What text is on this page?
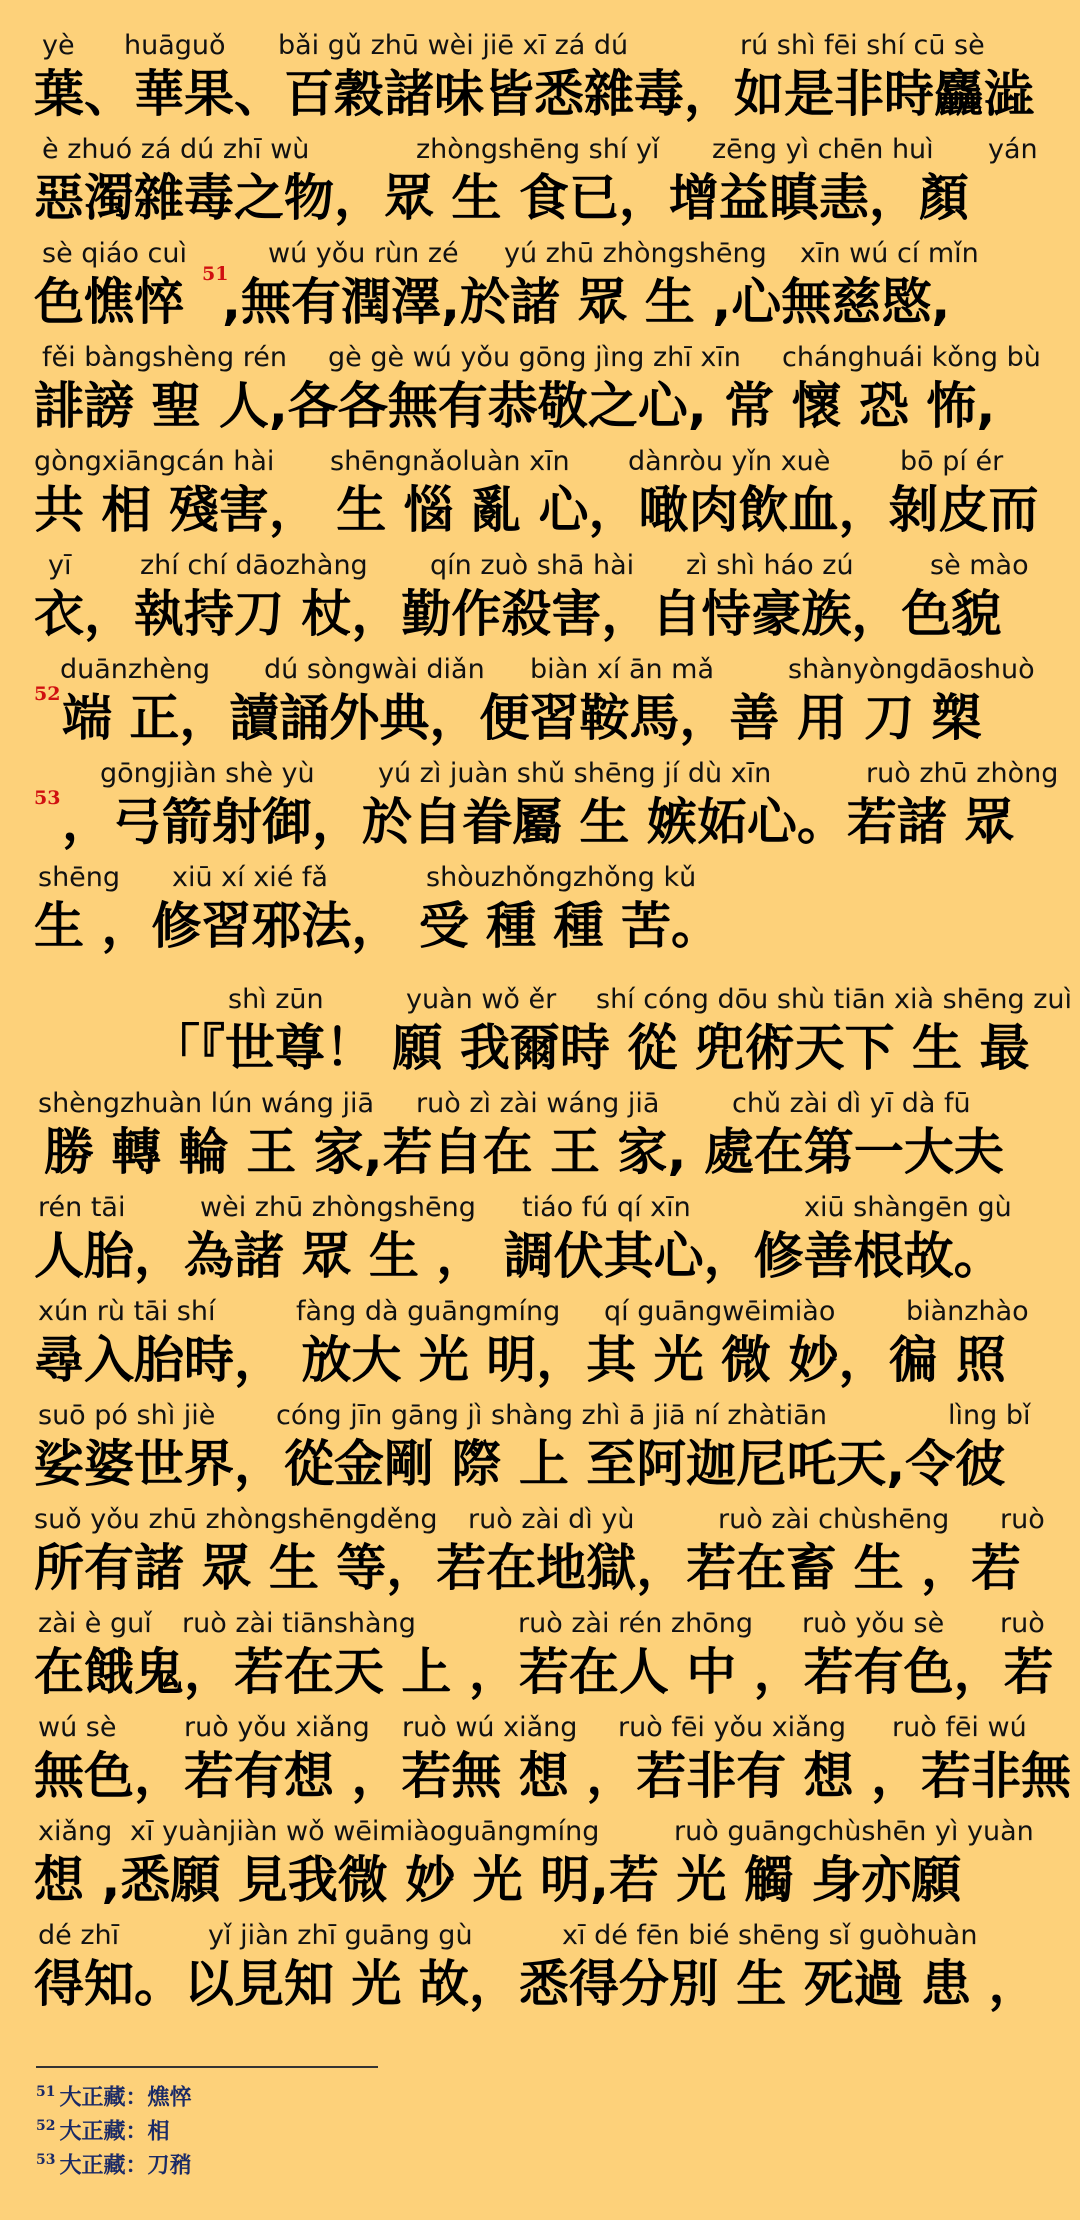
yè

huāguǒ

bǎi gǔ zhū wèi jiē xī zá dú

	rú shì fēi shí cū sè

葉、華果、百穀諸味皆悉雜毒，如是非時麤澁

è zhuó zá dú zhī wù

	zhòngshēng shí yǐ

zēng yì chēn huì

yán

惡濁雜毒之物，眾 生 食已，增益瞋恚，顏

sè qiáo cuì

	wú yǒu rùn zé

yú zhū zhòngshēng

xīn wú cí mǐn

色憔悴 51
,無有潤澤,於諸 眾 生 ,心無慈愍,

fěi bàngshèng rén

gè gè wú yǒu gōng jìng zhī xīn

chánghuái kǒng bù

誹謗 聖 人,各各無有恭敬之心, 常 懷 恐 怖,

gòngxiāngcán hài

shēngnǎoluàn xīn

dànròu yǐn xuè

	bō pí ér

共 相 殘害， 生 惱 亂 心，噉肉飲血，剝皮而

yī

	zhí chí dāozhàng

qín zuò shā hài

zì shì háo zú

	sè mào

衣，執持刀 杖，勤作殺害，自恃豪族，色貌

duānzhèng

dú sòngwài diǎn

biàn xí ān mǎ

	shànyòngdāoshuò

52 端 正，讀誦外典，便習鞍馬，善 用 刀 槊

gōngjiàn shè yù

yú zì juàn shǔ shēng jí dù xīn

	ruò zhū zhòng

53 ，弓箭射御，於自眷屬 生 嫉妬心。若諸 眾

shēng

xiū xí xié fǎ

	shòuzhǒngzhǒng kǔ

生 ，修習邪法， 受 種 種 苦。

shì zūn

	yuàn wǒ ěr

shí cóng dōu shù tiān xià shēng zuì

「『世尊！ 願 我爾時 從 兜術天下 生 最

shèngzhuàn lún wáng jiā

ruò zì zài wáng jiā

	chǔ zài dì yī dà fū

勝 轉 輪 王 家,若自在 王 家, 處在第一大夫

rén tāi

	wèi zhū zhòngshēng

tiáo fú qí xīn

	xiū shàngēn gù

人胎，為諸 眾 生 ， 調伏其心，修善根故。

xún rù tāi shí

	fàng dà guāngmíng

qí guāngwēimiào

	biànzhào

尋入胎時， 放大 光 明，其 光 微 妙，徧 照

suō pó shì jiè

cóng jīn gāng jì shàng zhì ā jiā ní zhàtiān

	lìng bǐ

娑婆世界，從金剛 際 上 至阿迦尼吒天,令彼

suǒ yǒu zhū zhòngshēngděng

ruò zài dì yù

	ruò zài chùshēng

ruò

所有諸 眾 生 等，若在地獄，若在畜 生 ，若

zài è guǐ

ruò zài tiānshàng

	ruò zài rén zhōng

ruò yǒu sè

ruò

在餓鬼，若在天 上 ，若在人 中 ，若有色，若

wú sè

	ruò yǒu xiǎng

ruò wú xiǎng

ruò fēi yǒu xiǎng

ruò fēi wú

無色，若有想 ，若無 想 ，若非有 想 ，若非無

xiǎng

xī yuànjiàn wǒ wēimiàoguāngmíng

	ruò guāngchùshēn yì yuàn

想 ,悉願 見我微 妙 光 明,若 光 觸 身亦願

dé zhī

	yǐ jiàn zhī guāng gù

	xī dé fēn bié shēng sǐ guòhuàn

得知。以見知 光 故，悉得分別 生 死過 患 ，
$^{51}$ 大正藏：燋悴
$^{52}$ 大正藏：相
$^{53}$ 大正藏：刀矟
